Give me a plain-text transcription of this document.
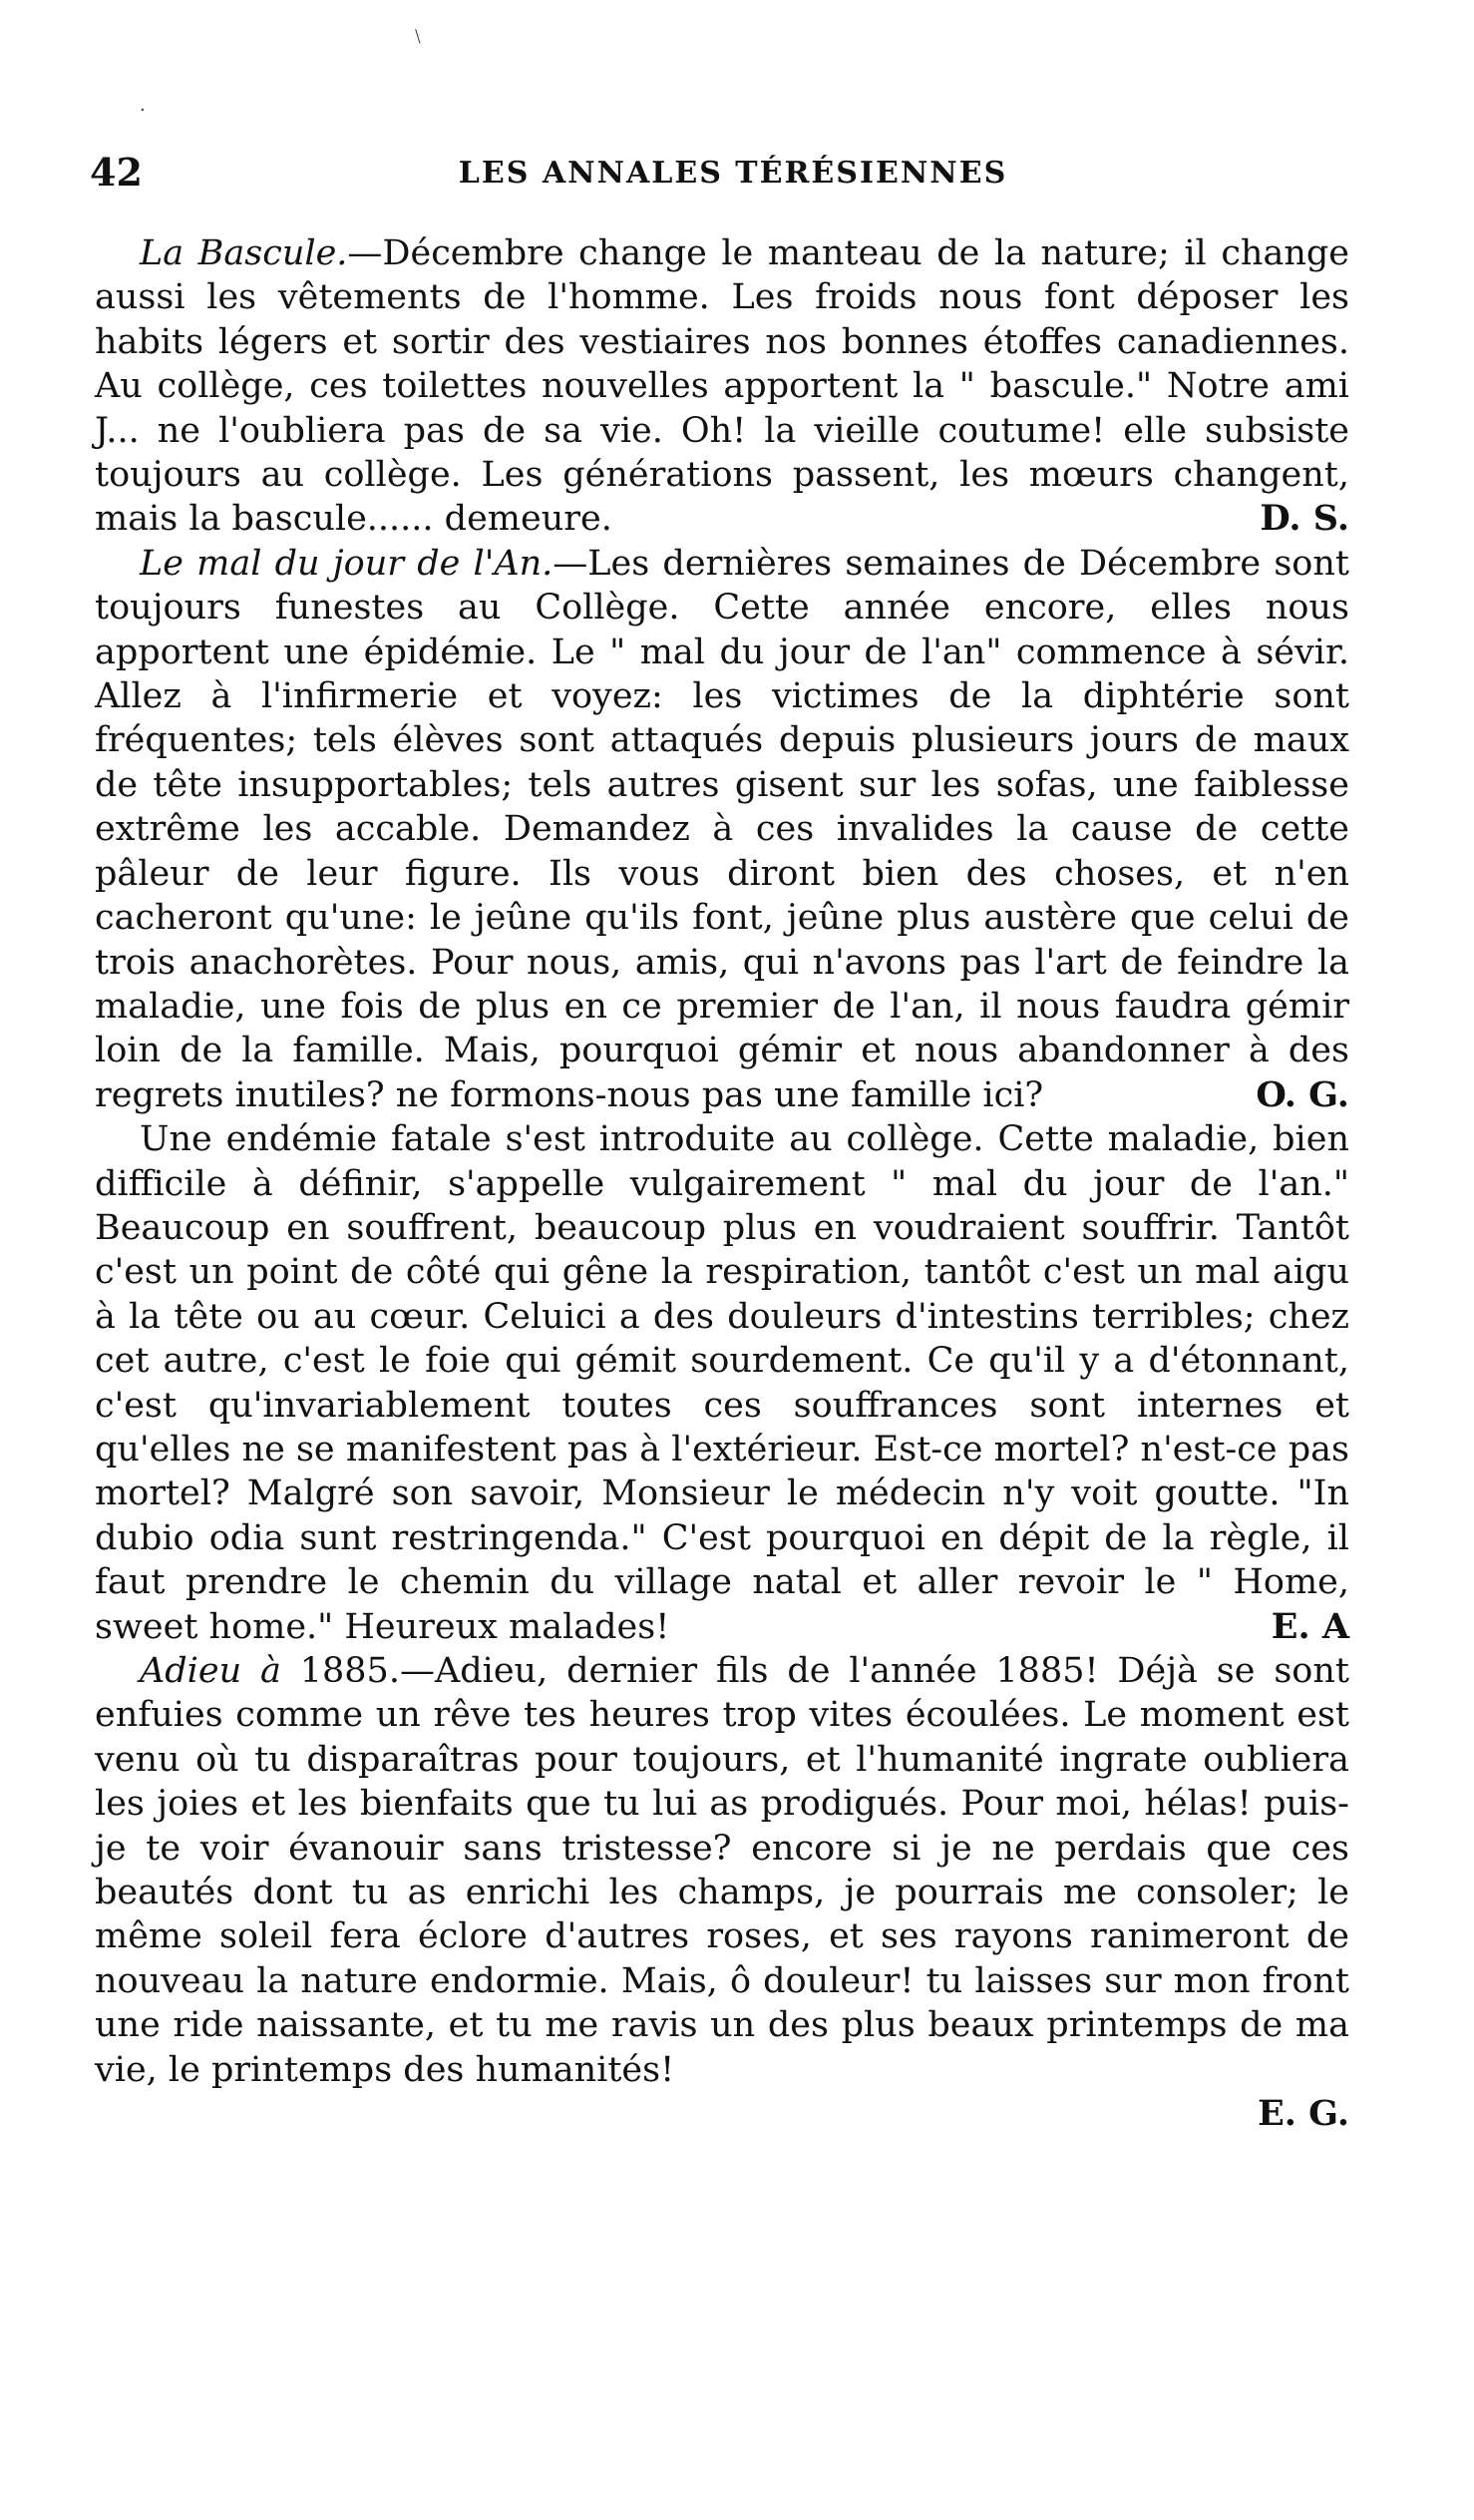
﹨
·
42	LES ANNALES TÉRÉSIENNES

La Bascule.—Décembre change le manteau de la nature; il change aussi les vêtements de l'homme. Les froids nous font déposer les habits légers et sortir des vestiaires nos bonnes étoffes canadiennes. Au collège, ces toilettes nouvelles apportent la " bascule." Notre ami J... ne l'oubliera pas de sa vie. Oh! la vieille coutume! elle subsiste toujours au collège. Les générations passent, les mœurs changent, mais la bascule...... demeure.	D. S.

Le mal du jour de l'An.—Les dernières semaines de Décembre sont toujours funestes au Collège. Cette année encore, elles nous apportent une épidémie. Le " mal du jour de l'an" commence à sévir. Allez à l'infirmerie et voyez: les victimes de la diphtérie sont fréquentes; tels élèves sont attaqués depuis plusieurs jours de maux de tête insupportables; tels autres gisent sur les sofas, une faiblesse extrême les accable. Demandez à ces invalides la cause de cette pâleur de leur figure. Ils vous diront bien des choses, et n'en cacheront qu'une: le jeûne qu'ils font, jeûne plus austère que celui de trois anachorètes. Pour nous, amis, qui n'avons pas l'art de feindre la maladie, une fois de plus en ce premier de l'an, il nous faudra gémir loin de la famille. Mais, pourquoi gémir et nous abandonner à des regrets inutiles? ne formons-nous pas une famille ici?	O. G.

Une endémie fatale s'est introduite au collège. Cette maladie, bien difficile à définir, s'appelle vulgairement " mal du jour de l'an." Beaucoup en souffrent, beaucoup plus en voudraient souffrir. Tantôt c'est un point de côté qui gêne la respiration, tantôt c'est un mal aigu à la tête ou au cœur. Celuici a des douleurs d'intestins terribles; chez cet autre, c'est le foie qui gémit sourdement. Ce qu'il y a d'étonnant, c'est qu'invariablement toutes ces souffrances sont internes et qu'elles ne se manifestent pas à l'extérieur. Est-ce mortel? n'est-ce pas mortel? Malgré son savoir, Monsieur le médecin n'y voit goutte. "In dubio odia sunt restringenda." C'est pourquoi en dépit de la règle, il faut prendre le chemin du village natal et aller revoir le " Home, sweet home." Heureux malades!	E. A

Adieu à 1885.—Adieu, dernier fils de l'année 1885! Déjà se sont enfuies comme un rêve tes heures trop vites écoulées. Le moment est venu où tu disparaîtras pour toujours, et l'humanité ingrate oubliera les joies et les bienfaits que tu lui as prodigués. Pour moi, hélas! puis-je te voir évanouir sans tristesse? encore si je ne perdais que ces beautés dont tu as enrichi les champs, je pourrais me consoler; le même soleil fera éclore d'autres roses, et ses rayons ranimeront de nouveau la nature endormie. Mais, ô douleur! tu laisses sur mon front une ride naissante, et tu me ravis un des plus beaux printemps de ma vie, le printemps des humanités!

E. G.
